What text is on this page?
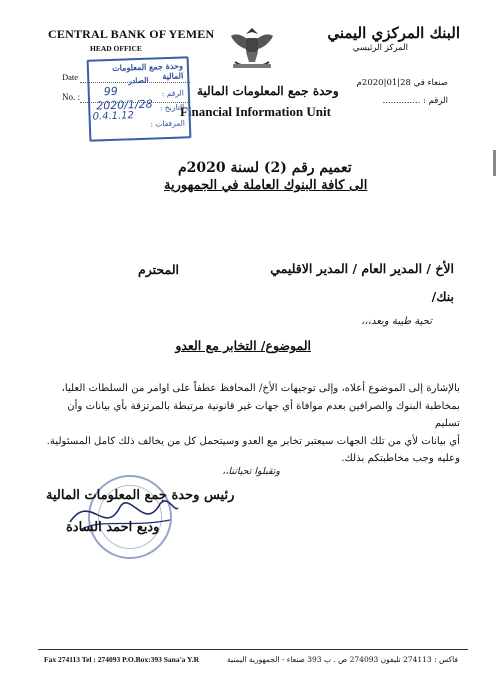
CENTRAL BANK OF YEMEN
HEAD OFFICE
Date
No. :
البنك المركزي اليمني
المركز الرئيسي
صنعاء في 28|01|2020م
الرقم : ..............
وحدة جمع المعلومات المالية
Financial Information Unit
وحدة جمع المعلومات المالية
الصادر
الرقم :
99
التاريخ :
2020/1/28
المرفقات :
0.4.1.12
تعميم رقم (2) لسنة 2020م
الى كافة البنوك العاملة في الجمهورية
الأخ / المدير العام / المدير الاقليمي
المحترم
بنك/
تحية طيبة وبعد،،،
الموضوع/ التخابر مع العدو

بالإشارة إلى الموضوع أعلاه، وإلى توجيهات الأخ/ المحافظ عطفاً على اوامر من السلطات العليا،

بمخاطبة البنوك والصرافين بعدم موافاة أي جهات غير قانونية مرتبطة بالمرتزقة بأي بيانات وأن تسليم

أي بيانات لأي من تلك الجهات سيعتبر تخابر مع العدو وسيتحمل كل من يخالف ذلك كامل المسئولية.

وعليه وجب مخاطبتكم بذلك.

وتقبلوا تحياتنا،،
رئيس وحدة جمع المعلومات المالية
وديع احمد السادة
Fax 274113 Tel : 274093 P.O.Box:393 Sana'a Y.R	فاكس : 274113 تليفون 274093 ص . ب 393 صنعاء - الجمهورية اليمنية
